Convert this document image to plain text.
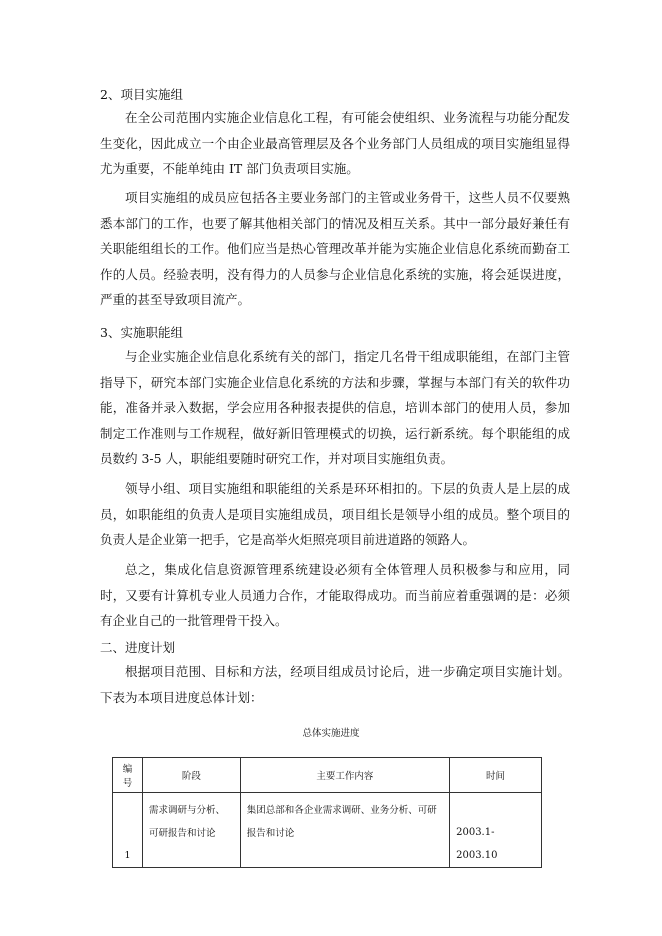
2、项目实施组

在全公司范围内实施企业信息化工程，有可能会使组织、业务流程与功能分配发生变化，因此成立一个由企业最高管理层及各个业务部门人员组成的项目实施组显得尤为重要，不能单纯由 IT 部门负责项目实施。

项目实施组的成员应包括各主要业务部门的主管或业务骨干，这些人员不仅要熟悉本部门的工作，也要了解其他相关部门的情况及相互关系。其中一部分最好兼任有关职能组组长的工作。他们应当是热心管理改革并能为实施企业信息化系统而勤奋工作的人员。经验表明，没有得力的人员参与企业信息化系统的实施，将会延误进度，严重的甚至导致项目流产。

3、实施职能组

与企业实施企业信息化系统有关的部门，指定几名骨干组成职能组，在部门主管指导下，研究本部门实施企业信息化系统的方法和步骤，掌握与本部门有关的软件功能，准备并录入数据，学会应用各种报表提供的信息，培训本部门的使用人员，参加制定工作准则与工作规程，做好新旧管理模式的切换，运行新系统。每个职能组的成员数约 3-5 人，职能组要随时研究工作，并对项目实施组负责。

领导小组、项目实施组和职能组的关系是环环相扣的。下层的负责人是上层的成员，如职能组的负责人是项目实施组成员，项目组长是领导小组的成员。整个项目的负责人是企业第一把手，它是高举火炬照亮项目前进道路的领路人。

总之，集成化信息资源管理系统建设必须有全体管理人员积极参与和应用，同时，又要有计算机专业人员通力合作，才能取得成功。而当前应着重强调的是：必须有企业自己的一批管理骨干投入。

二、进度计划

根据项目范围、目标和方法，经项目组成员讨论后，进一步确定项目实施计划。下表为本项目进度总体计划：

总体实施进度
编号	阶段	主要工作内容	时间
1	需求调研与分析、可研报告和讨论	集团总部和各企业需求调研、业务分析、可研报告和讨论	2003.1-2003.10
